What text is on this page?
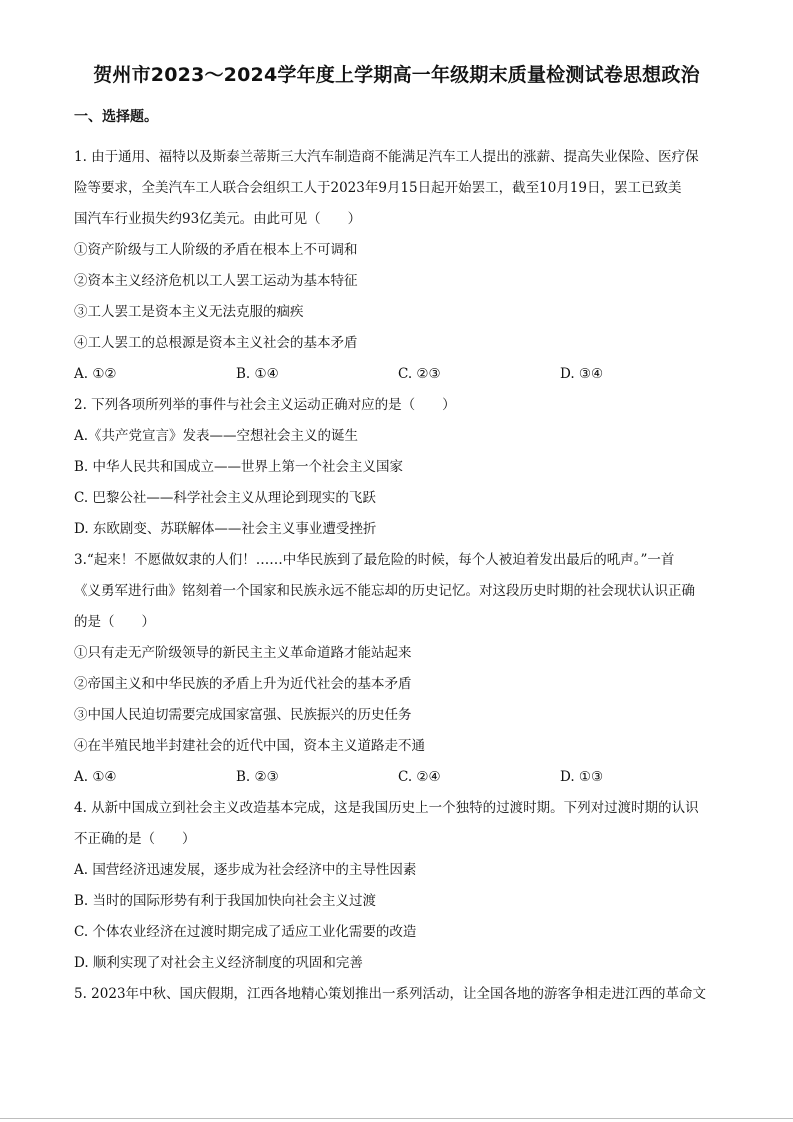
贺州市2023～2024学年度上学期高一年级期末质量检测试卷思想政治
一、选择题。
1. 由于通用、福特以及斯泰兰蒂斯三大汽车制造商不能满足汽车工人提出的涨薪、提高失业保险、医疗保
险等要求，全美汽车工人联合会组织工人于2023年9月15日起开始罢工，截至10月19日，罢工已致美
国汽车行业损失约93亿美元。由此可见（　　）
①资产阶级与工人阶级的矛盾在根本上不可调和
②资本主义经济危机以工人罢工运动为基本特征
③工人罢工是资本主义无法克服的痼疾
④工人罢工的总根源是资本主义社会的基本矛盾
A. ①②	B. ①④	C. ②③	D. ③④
2. 下列各项所列举的事件与社会主义运动正确对应的是（　　）
A.《共产党宣言》发表——空想社会主义的诞生
B. 中华人民共和国成立——世界上第一个社会主义国家
C. 巴黎公社——科学社会主义从理论到现实的飞跃
D. 东欧剧变、苏联解体——社会主义事业遭受挫折
3.“起来！不愿做奴隶的人们！……中华民族到了最危险的时候，每个人被迫着发出最后的吼声。”一首
《义勇军进行曲》铭刻着一个国家和民族永远不能忘却的历史记忆。对这段历史时期的社会现状认识正确
的是（　　）
①只有走无产阶级领导的新民主主义革命道路才能站起来
②帝国主义和中华民族的矛盾上升为近代社会的基本矛盾
③中国人民迫切需要完成国家富强、民族振兴的历史任务
④在半殖民地半封建社会的近代中国，资本主义道路走不通
A. ①④	B. ②③	C. ②④	D. ①③
4. 从新中国成立到社会主义改造基本完成，这是我国历史上一个独特的过渡时期。下列对过渡时期的认识
不正确的是（　　）
A. 国营经济迅速发展，逐步成为社会经济中的主导性因素
B. 当时的国际形势有利于我国加快向社会主义过渡
C. 个体农业经济在过渡时期完成了适应工业化需要的改造
D. 顺利实现了对社会主义经济制度的巩固和完善
5. 2023年中秋、国庆假期，江西各地精心策划推出一系列活动，让全国各地的游客争相走进江西的革命文
